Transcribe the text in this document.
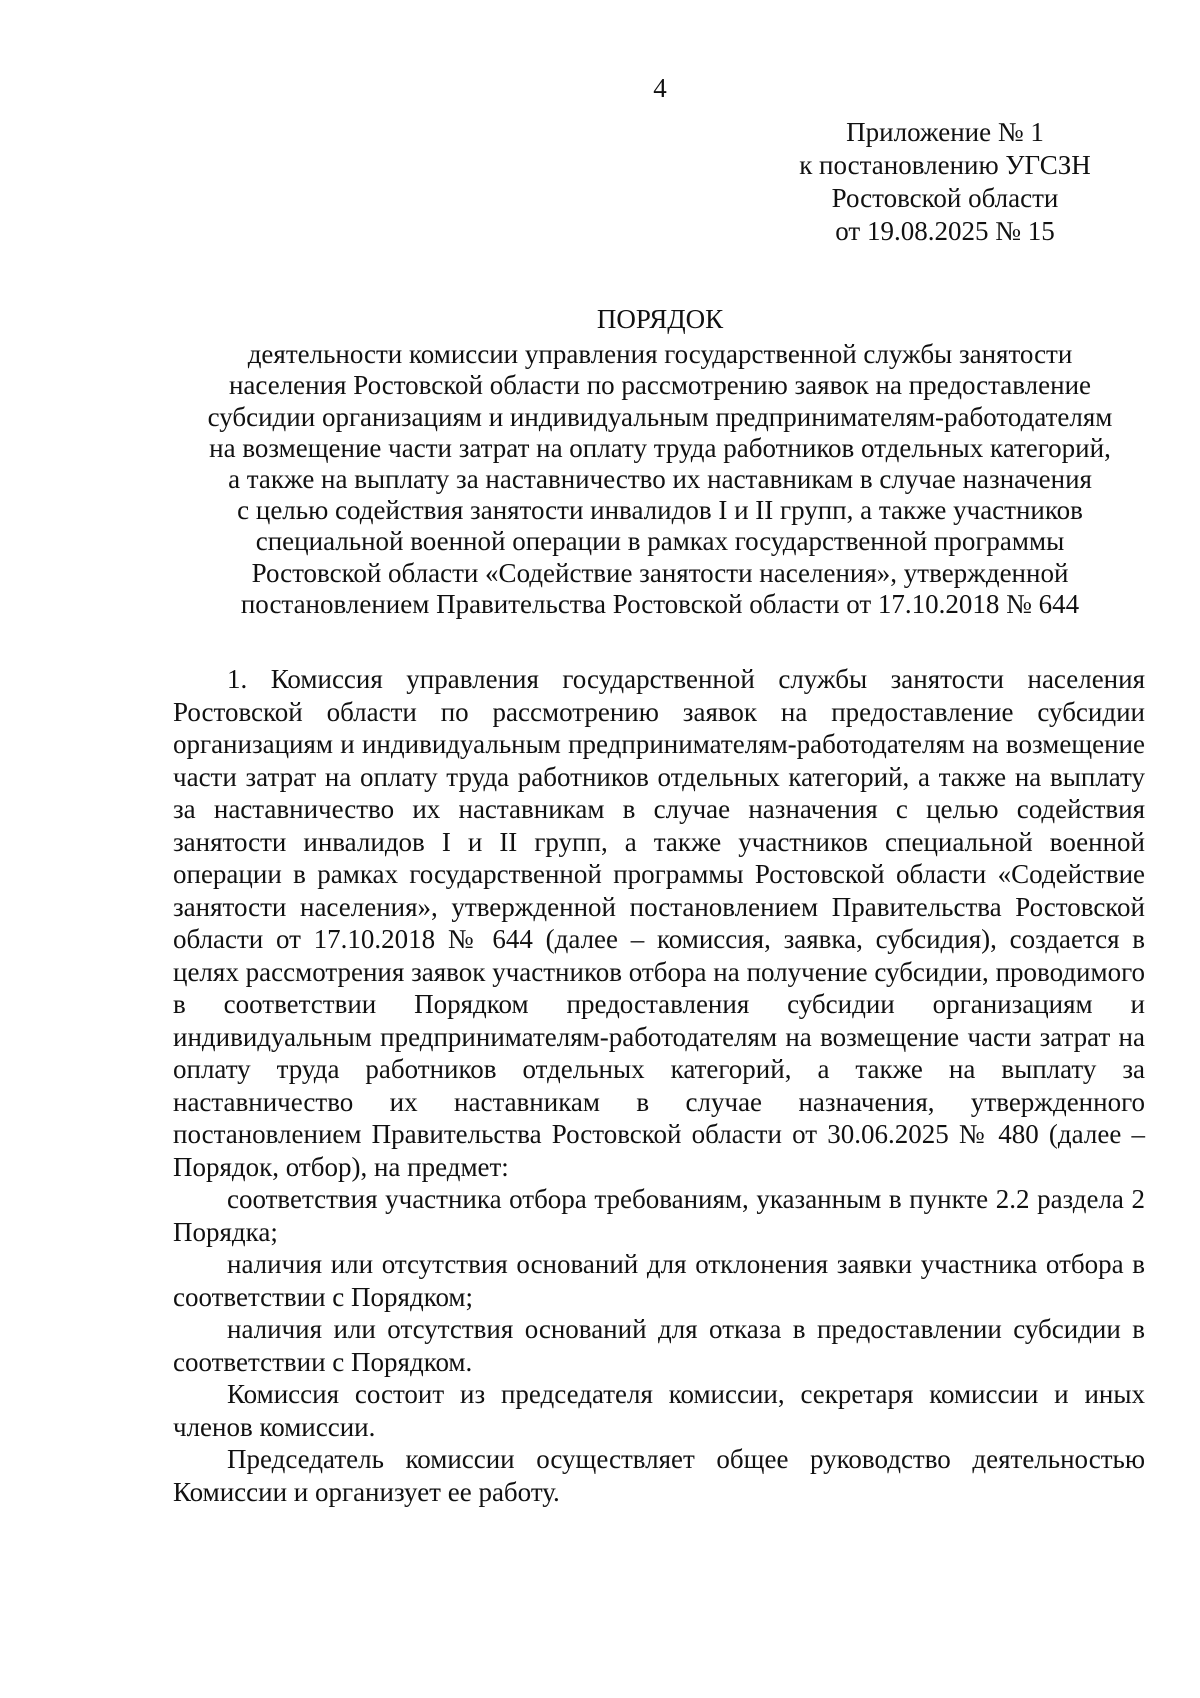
4
Приложение № 1
к постановлению УГСЗН
Ростовской области
от 19.08.2025 № 15
ПОРЯДОК
деятельности комиссии управления государственной службы занятости
населения Ростовской области по рассмотрению заявок на предоставление
субсидии организациям и индивидуальным предпринимателям-работодателям
на возмещение части затрат на оплату труда работников отдельных категорий,
а также на выплату за наставничество их наставникам в случае назначения
с целью содействия занятости инвалидов I и II групп, а также участников
специальной военной операции в рамках государственной программы
Ростовской области «Содействие занятости населения», утвержденной
постановлением Правительства Ростовской области от 17.10.2018 № 644

1. Комиссия управления государственной службы занятости населения Ростовской области по рассмотрению заявок на предоставление субсидии организациям и индивидуальным предпринимателям-работодателям на возмещение части затрат на оплату труда работников отдельных категорий, а также на выплату за наставничество их наставникам в случае назначения с целью содействия занятости инвалидов I и II групп, а также участников специальной военной операции в рамках государственной программы Ростовской области «Содействие занятости населения», утвержденной постановлением Правительства Ростовской области от 17.10.2018 № 644 (далее – комиссия, заявка, субсидия), создается в целях рассмотрения заявок участников отбора на получение субсидии, проводимого в соответствии Порядком предоставления субсидии организациям и индивидуальным предпринимателям-работодателям на возмещение части затрат на оплату труда работников отдельных категорий, а также на выплату за наставничество их наставникам в случае назначения, утвержденного постановлением Правительства Ростовской области от 30.06.2025 № 480 (далее – Порядок, отбор), на предмет:

соответствия участника отбора требованиям, указанным в пункте 2.2 раздела 2 Порядка;

наличия или отсутствия оснований для отклонения заявки участника отбора в соответствии с Порядком;

наличия или отсутствия оснований для отказа в предоставлении субсидии в соответствии с Порядком.

Комиссия состоит из председателя комиссии, секретаря комиссии и иных членов комиссии.

Председатель комиссии осуществляет общее руководство деятельностью Комиссии и организует ее работу.
